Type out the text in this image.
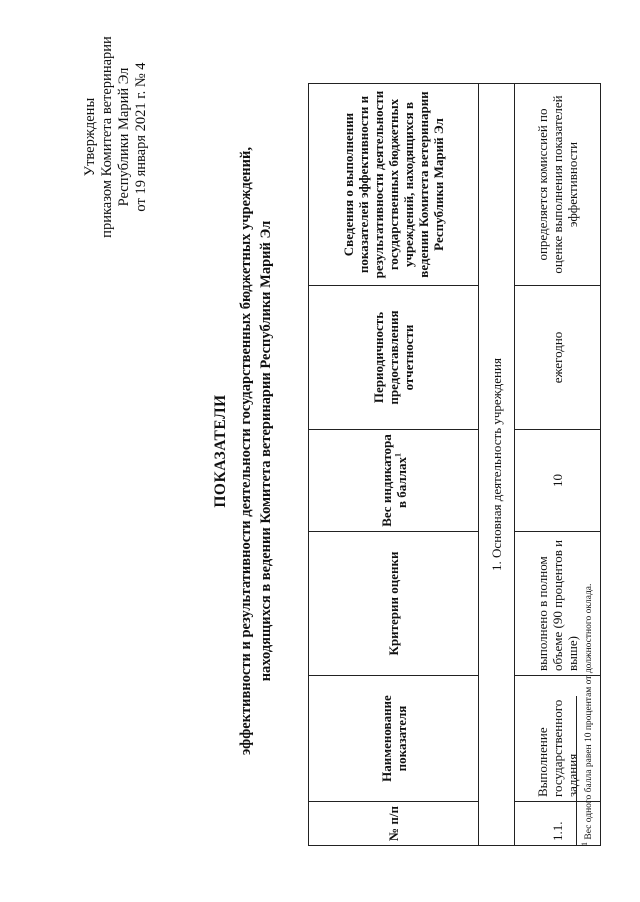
Утверждены приказом Комитета ветеринарии Республики Марий Эл от 19 января 2021 г. № 4
ПОКАЗАТЕЛИ эффективности и результативности деятельности государственных бюджетных учреждений, находящихся в ведении Комитета ветеринарии Республики Марий Эл
№ п/п	Наименование показателя	Критерии оценки	Вес индикатора в баллах$^1$	Периодичность предоставления отчетности	Сведения о выполнении показателей эффективности и результативности деятельности государственных бюджетных учреждений, находящихся в ведении Комитета ветеринарии Республики Марий Эл
1. Основная деятельность учреждения					
1.1.	Выполнение государственного задания	выполнено в полном объеме (90 процентов и выше)	10	ежегодно	определяется комиссией по оценке выполнения показателей эффективности
$^1$ Вес одного балла равен 10 процентам от должностного оклада.
